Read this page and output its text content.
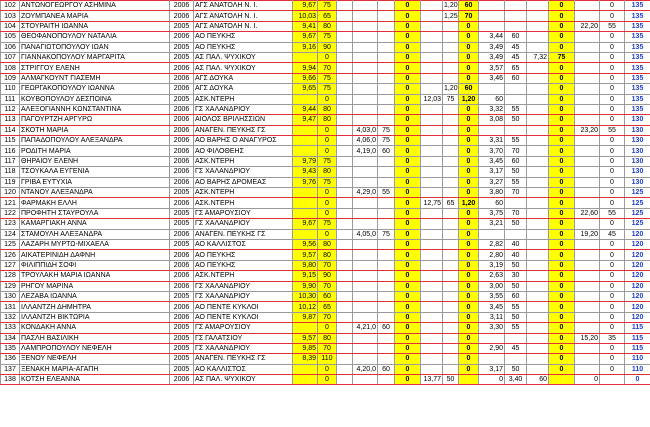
102	ΑΝΤΩΝΟΓΕΩΡΓΟΥ ΑΣΗΜΙΝΑ	2006	ΑΓΣ ΑΝΑΤΟΛΗ Ν. Ι.	9,67	75				0		1,20	60				0		0	135	
103	ΖΟΥΜΠΑΝΕΑ ΜΑΡΙΑ	2006	ΑΓΣ ΑΝΑΤΟΛΗ Ν. Ι.	10,03	65				0		1,25	70				0		0	135	
104	ΣΤΟΥΡΑΙΤΗ ΙΩΑΝΝΑ	2005	ΑΓΣ ΑΝΑΤΟΛΗ Ν. Ι.	9,41	80				0			0				0	22,20	55	135	
105	ΘΕΟΦΑΝΟΠΟΥΛΟΥ ΝΑΤΑΛΙΑ	2006	ΑΟ ΠΕΥΚΗΣ	9,67	75				0			0	3,44	60		0		0	135	
106	ΠΑΝΑΓΙΩΤΟΠΟΥΛΟΥ ΙΩΑΝ	2005	ΑΟ ΠΕΥΚΗΣ	9,16	90				0			0	3,49	45		0		0	135	
107	ΓΙΑΝΝΑΚΟΠΟΥΛΟΥ ΜΑΡΓΑΡΙΤΑ	2005	ΑΣ ΠΑΛ. ΨΥΧΙΚΟΥ		0				0			0	3,49	45	7,32	75		0	135	
108	ΣΤΡΙΓΓΟΥ ΕΛΕΝΗ	2006	ΑΣ ΠΑΛ. ΨΥΧΙΚΟΥ	9,94	70				0			0	3,57	65		0		0	135	
109	ΑΛΜΑΓΚΟΥΝΤ ΓΙΑΣΕΜΗ	2006	ΑΓΣ ΔΟΥΚΑ	9,66	75				0			0	3,46	60		0		0	135	
110	ΓΕΩΡΓΑΚΟΠΟΥΛΟΥ ΙΩΑΝΝΑ	2006	ΑΓΣ ΔΟΥΚΑ	9,65	75				0		1,20	60				0		0	135	
111	ΚΟΥΒΟΠΟΥΛΟΥ ΔΕΣΠΟΙΝΑ	2005	ΑΣΚ.ΝΤΕΡΗ		0				0	12,03	75	1,20	60			0		0	135	
112	ΑΛΕΞΟΓΙΑΝΝΗ ΚΩΝΣΤΑΝΤΙΝΑ	2006	ΓΣ ΧΑΛΑΝΔΡΙΟΥ	9,44	80				0			0	3,32	55		0		0	135	
113	ΠΑΓΟΥΡΤΖΗ ΑΡΓΥΡΩ	2006	ΑΙΟΛΟΣ ΒΡΙΛΗΣΣΙΩΝ	9,47	80				0			0	3,08	50		0		0	130	
114	ΣΚΟΤΗ ΜΑΡΙΑ	2006	ΑΝΑΓΕΝ. ΠΕΥΚΗΣ ΓΣ		0		4,03,0	75	0			0				0	23,20	55	130	
115	ΠΑΠΑΔΟΠΟΥΛΟΥ ΑΛΕΞΑΝΔΡΑ	2006	ΑΟ ΒΑΡΗΣ Ο ΑΝΑΓΥΡΟΣ		0		4,06,0	75	0			0	3,31	55		0		0	130	
116	ΡΟΔΙΤΗ ΜΑΡΙΑ	2006	ΑΟ ΦΙΛΟΘΕΗΣ		0		4,19,0	60	0			0	3,70	70		0		0	130	
117	ΘΗΡΑΙΟΥ ΕΛΕΝΗ	2006	ΑΣΚ.ΝΤΕΡΗ	9,79	75				0			0	3,45	60		0		0	130	
118	ΤΣΟΥΚΑΛΑ ΕΥΓΕΝΙΑ	2006	ΓΣ ΧΑΛΑΝΔΡΙΟΥ	9,43	80				0			0	3,17	50		0		0	130	
119	ΓΡΙΒΑ ΕΥΤΥΧΙΑ	2006	ΑΟ ΒΑΡΗΣ ΔΡΟΜΕΑΣ	9,76	75				0			0	3,27	55		0		0	130	
120	ΝΤΑΝΟΥ ΑΛΕΞΑΝΔΡΑ	2005	ΑΣΚ.ΝΤΕΡΗ		0		4,29,0	55	0			0	3,80	70		0		0	125	
121	ΦΑΡΜΑΚΗ ΕΛΛΗ	2006	ΑΣΚ.ΝΤΕΡΗ		0				0	12,75	65	1,20	60			0		0	125	
122	ΠΡΟΦΗΤΗ ΣΤΑΥΡΟΥΛΑ	2005	ΓΣ ΑΜΑΡΟΥΣΙΟΥ		0				0			0	3,75	70		0	22,60	55	125	
123	ΚΑΜΑΡΓΙΑΚΗ ΑΝΝΑ	2005	ΓΣ ΧΑΛΑΝΔΡΙΟΥ	9,67	75				0			0	3,21	50		0		0	125	
124	ΣΤΑΜΟΥΛΗ ΑΛΕΞΑΝΔΡΑ	2006	ΑΝΑΓΕΝ. ΠΕΥΚΗΣ ΓΣ		0		4,05,0	75	0			0				0	19,20	45	120	
125	ΛΑΖΑΡΗ ΜΥΡΤΩ-ΜΙΧΑΕΛΑ	2005	ΑΟ ΚΑΛΛΙΣΤΟΣ	9,56	80				0			0	2,82	40		0		0	120	
126	ΑΙΚΑΤΕΡΙΝΙΔΗ ΔΑΦΝΗ	2006	ΑΟ ΠΕΥΚΗΣ	9,57	80				0			0	2,80	40		0		0	120	
127	ΦΙΛΙΠΠΙΔΗ ΣΟΦΙ	2006	ΑΟ ΠΕΥΚΗΣ	9,80	70				0			0	3,19	50		0		0	120	
128	ΤΡΟΥΛΑΚΗ ΜΑΡΙΑ ΙΩΑΝΝΑ	2006	ΑΣΚ.ΝΤΕΡΗ	9,15	90				0			0	2,63	30		0		0	120	
129	ΡΗΓΟΥ ΜΑΡΙΝΑ	2006	ΓΣ ΧΑΛΑΝΔΡΙΟΥ	9,90	70				0			0	3,00	50		0		0	120	
130	ΛΕΖΑΒΑ ΙΩΑΝΝΑ	2005	ΓΣ ΧΑΛΑΝΔΡΙΟΥ	10,30	60				0			0	3,55	60		0		0	120	
131	ΙΛΛΑΝΤΖΗ ΔΗΜΗΤΡΑ	2006	ΑΟ ΠΕΝΤΕ ΚΥΚΛΟΙ	10,12	65				0			0	3,45	55		0		0	120	
132	ΙΛΛΑΝΤΖΗ ΒΙΚΤΩΡΙΑ	2006	ΑΟ ΠΕΝΤΕ ΚΥΚΛΟΙ	9,87	70				0			0	3,11	50		0		0	120	
133	ΚΟΝΔΑΚΗ ΑΝΝΑ	2005	ΓΣ ΑΜΑΡΟΥΣΙΟΥ		0		4,21,0	60	0			0	3,30	55		0		0	115	
134	ΠΑΣΛΗ ΒΑΣΙΛΙΚΗ	2005	ΓΣ ΓΑΛΑΤΣΙΟΥ	9,57	80				0			0				0	15,20	35	115	
135	ΛΑΜΠΡΟΠΟΥΛΟΥ ΝΕΦΕΛΗ	2005	ΓΣ ΧΑΛΑΝΔΡΙΟΥ	9,85	70				0			0	2,90	45		0		0	115	
136	ΞΕΝΟΥ ΝΕΦΕΛΗ	2005	ΑΝΑΓΕΝ. ΠΕΥΚΗΣ ΓΣ	8,39	110				0			0				0		0	110	
137	ΞΕΝΑΚΗ ΜΑΡΙΑ-ΑΓΑΠΗ	2005	ΑΟ ΚΑΛΛΙΣΤΟΣ		0		4,20,0	60	0			0	3,17	50		0		0	110	
138	ΚΟΤΣΗ ΕΛΕΑΝΝΑ	2006	ΑΣ ΠΑΛ. ΨΥΧΙΚΟΥ		0				0	13,77	50		0	3,40	60		0		0	
